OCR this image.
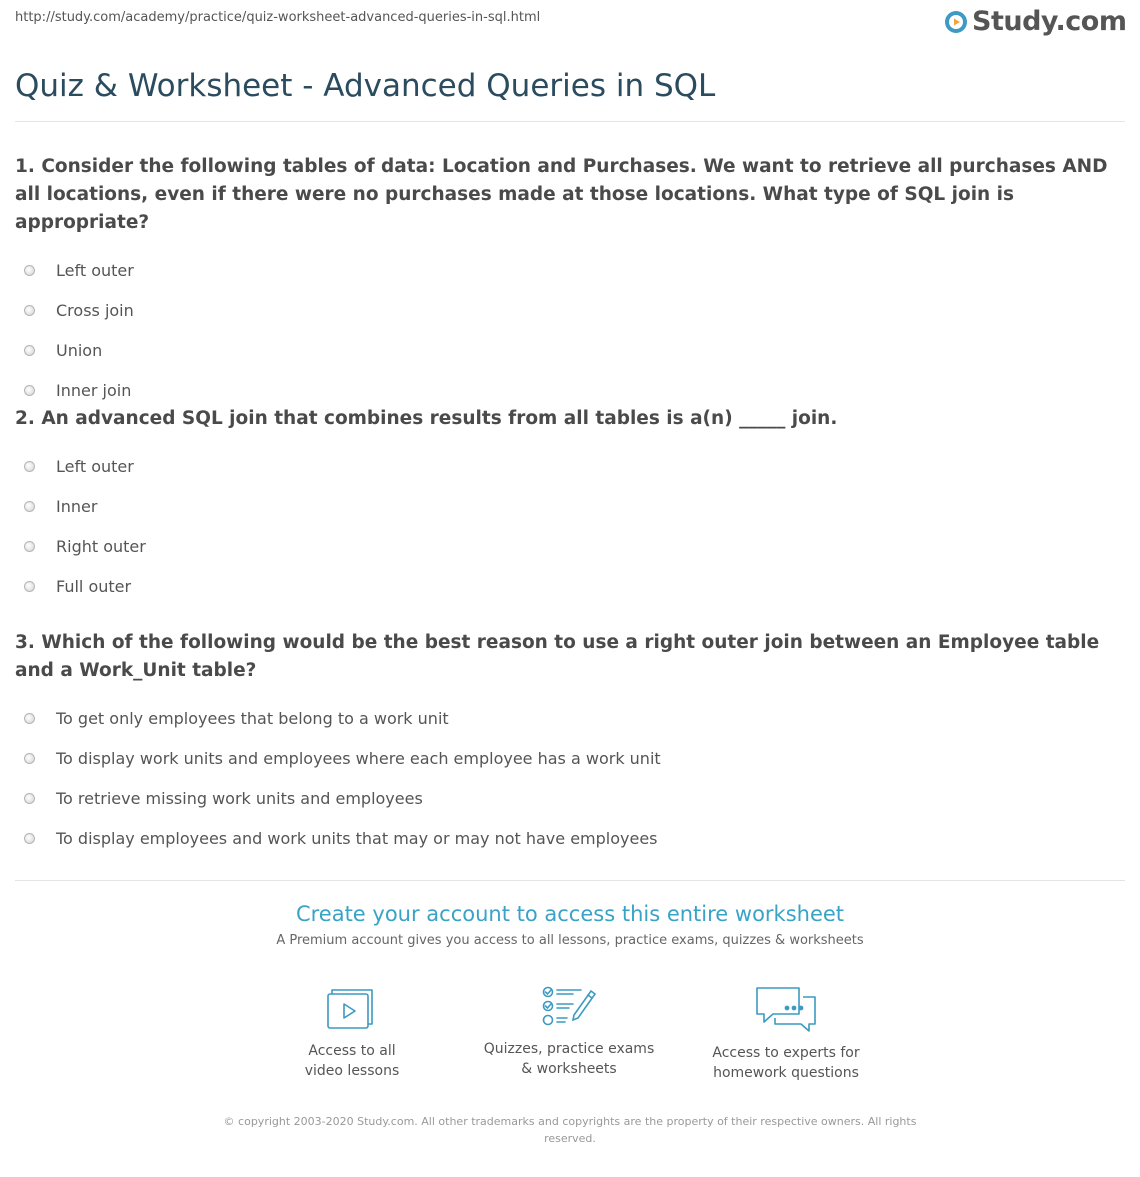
http://study.com/academy/practice/quiz-worksheet-advanced-queries-in-sql.html	Study.com
Quiz & Worksheet - Advanced Queries in SQL

1. Consider the following tables of data: Location and Purchases. We want to retrieve all purchases AND all locations, even if there were no purchases made at those locations. What type of SQL join is appropriate?

Left outer
Cross join
Union
Inner join

2. An advanced SQL join that combines results from all tables is a(n) _____ join.

Left outer
Inner
Right outer
Full outer

3. Which of the following would be the best reason to use a right outer join between an Employee table and a Work_Unit table?

To get only employees that belong to a work unit
To display work units and employees where each employee has a work unit
To retrieve missing work units and employees
To display employees and work units that may or may not have employees
Create your account to access this entire worksheet
A Premium account gives you access to all lessons, practice exams, quizzes & worksheets
Access to all
video lessons
Quizzes, practice exams
& worksheets
Access to experts for
homework questions

© copyright 2003-2020 Study.com. All other trademarks and copyrights are the property of their respective owners. All rights reserved.
